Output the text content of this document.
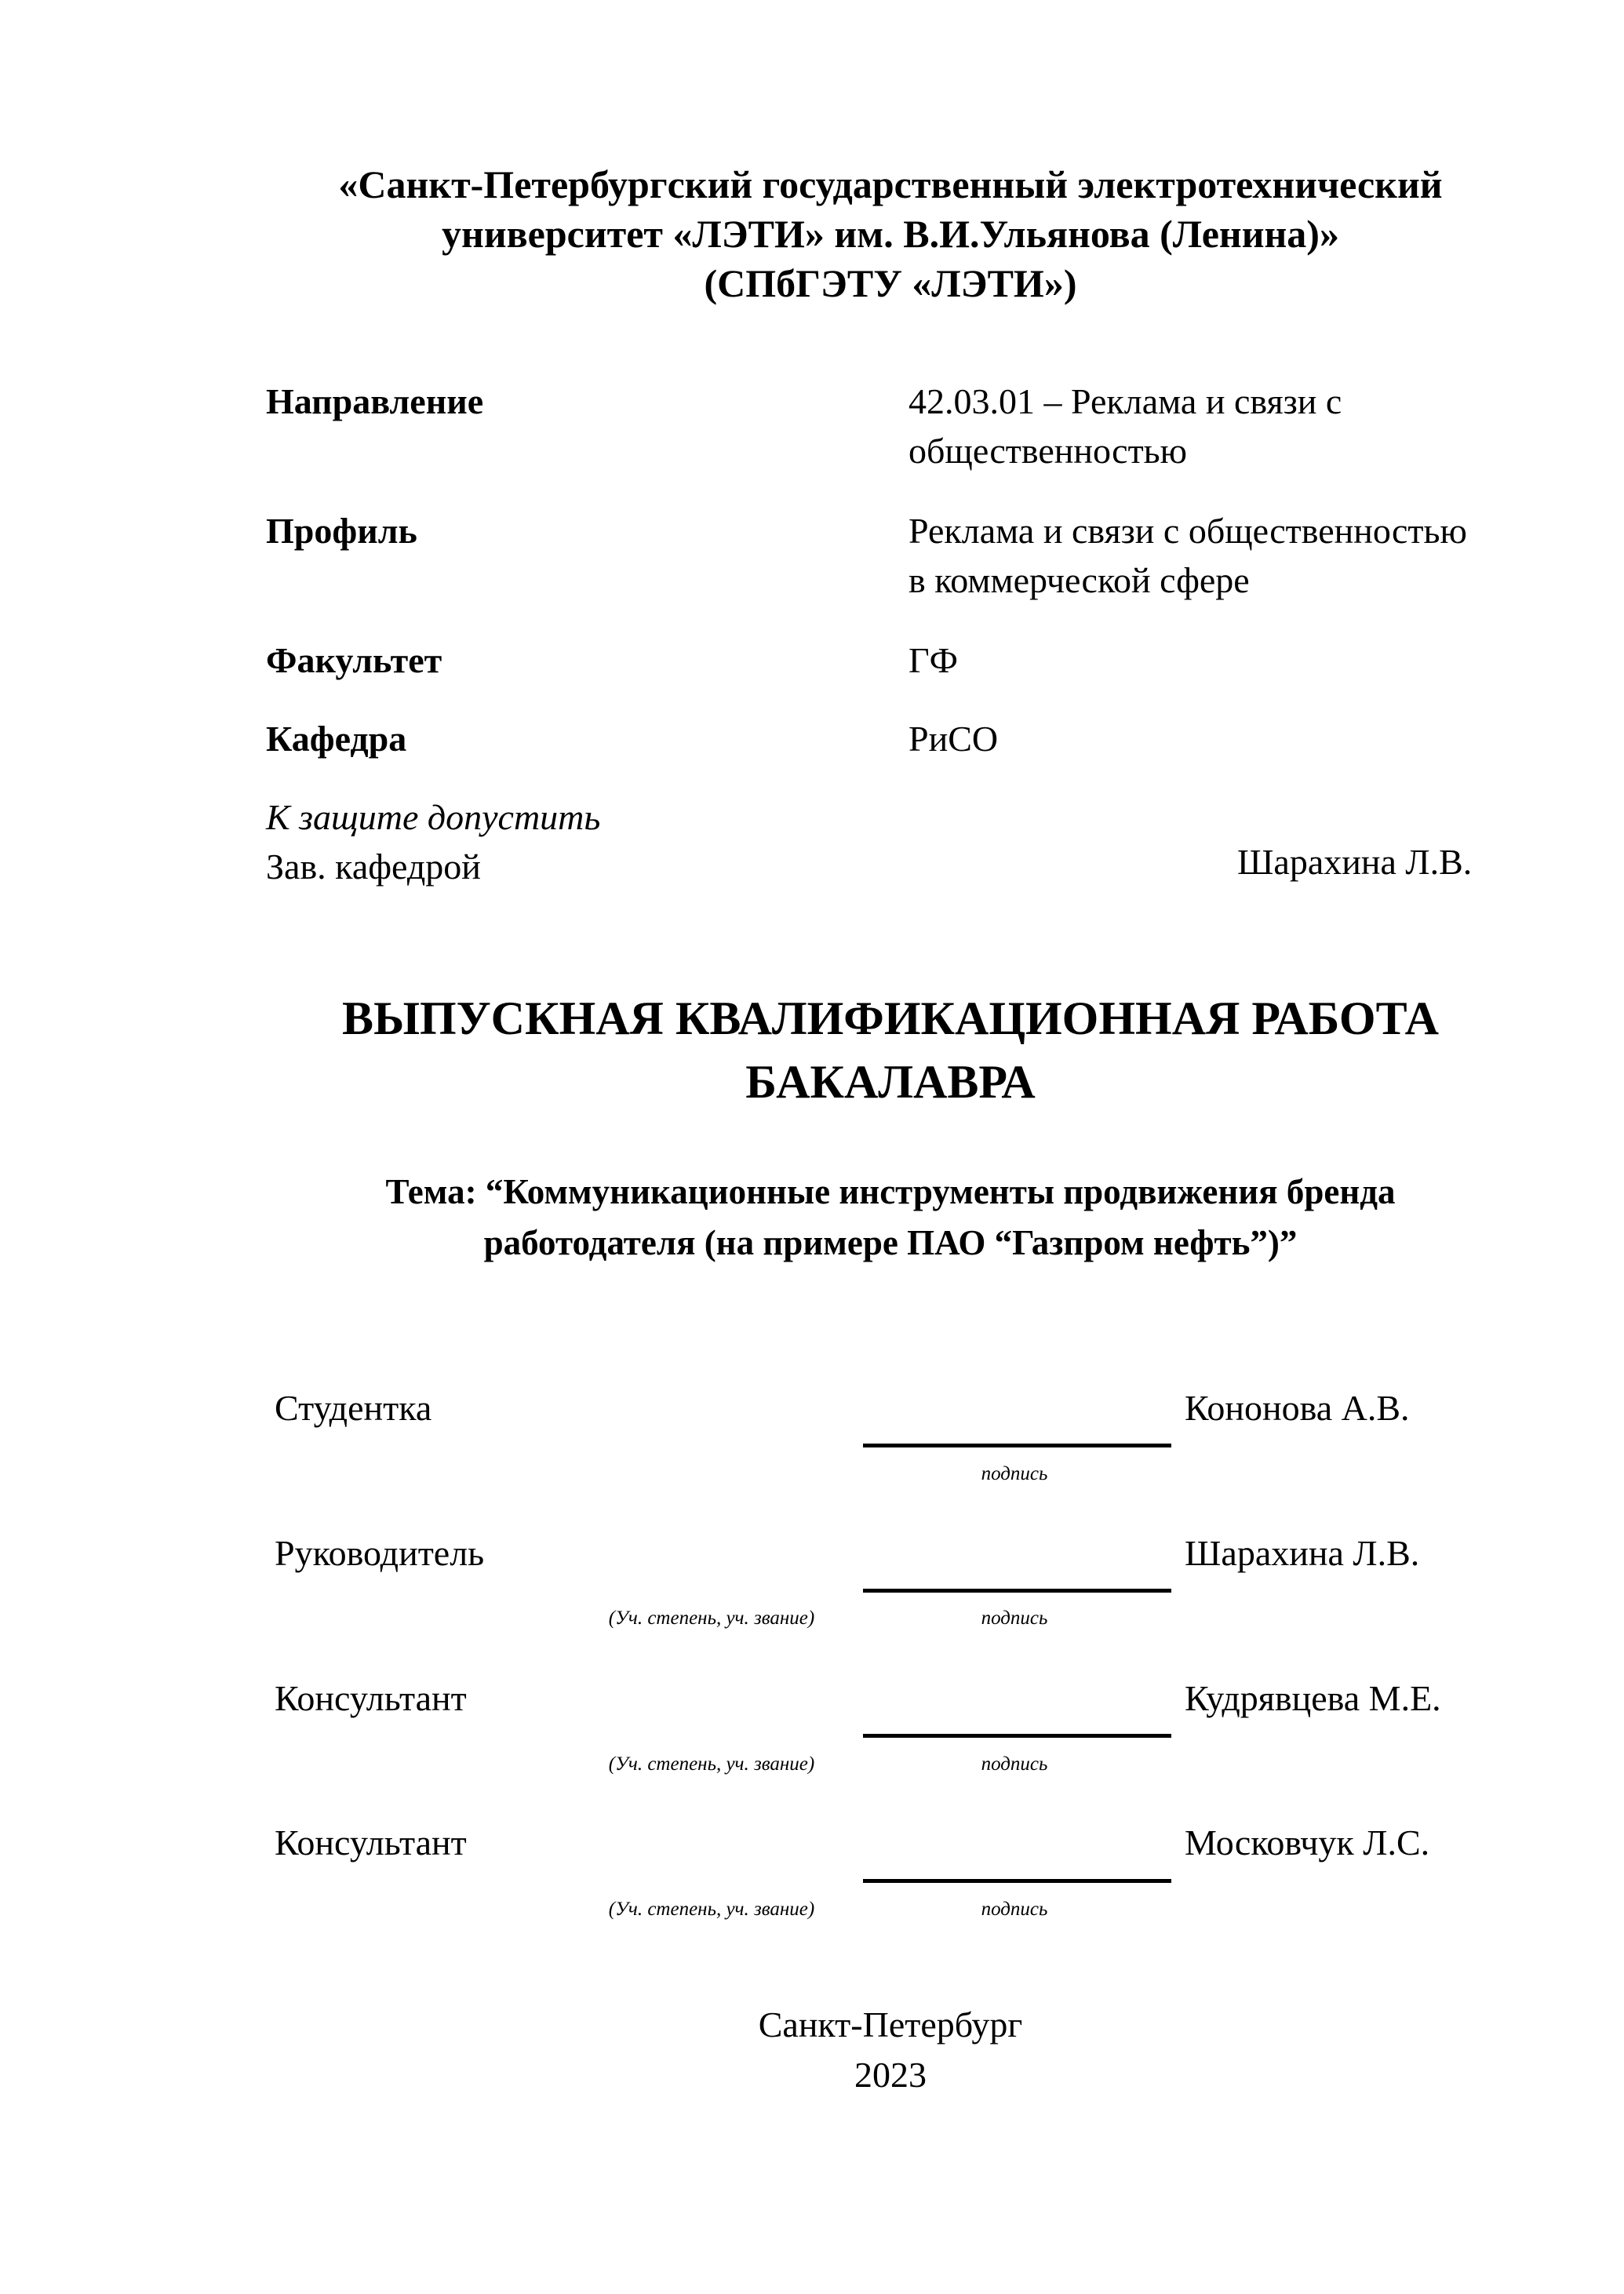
«Санкт-Петербургский государственный электротехнический
университет «ЛЭТИ» им. В.И.Ульянова (Ленина)»
(СПбГЭТУ «ЛЭТИ»)
Направление	42.03.01 – Реклама и связи с
общественностью
Профиль	Реклама и связи с общественностью
в коммерческой сфере
Факультет	ГФ
Кафедра	РиСО
К защите допустить
Зав. кафедрой	Шарахина Л.В.
ВЫПУСКНАЯ КВАЛИФИКАЦИОННАЯ РАБОТА
БАКАЛАВРА
Тема: “Коммуникационные инструменты продвижения бренда
работодателя (на примере ПАО “Газпром нефть”)”
Студентка	Кононова А.В.
подпись
Руководитель	Шарахина Л.В.
(Уч. степень, уч. звание)	подпись
Консультант	Кудрявцева М.Е.
(Уч. степень, уч. звание)	подпись
Консультант	Московчук Л.С.
(Уч. степень, уч. звание)	подпись
Санкт-Петербург
2023
